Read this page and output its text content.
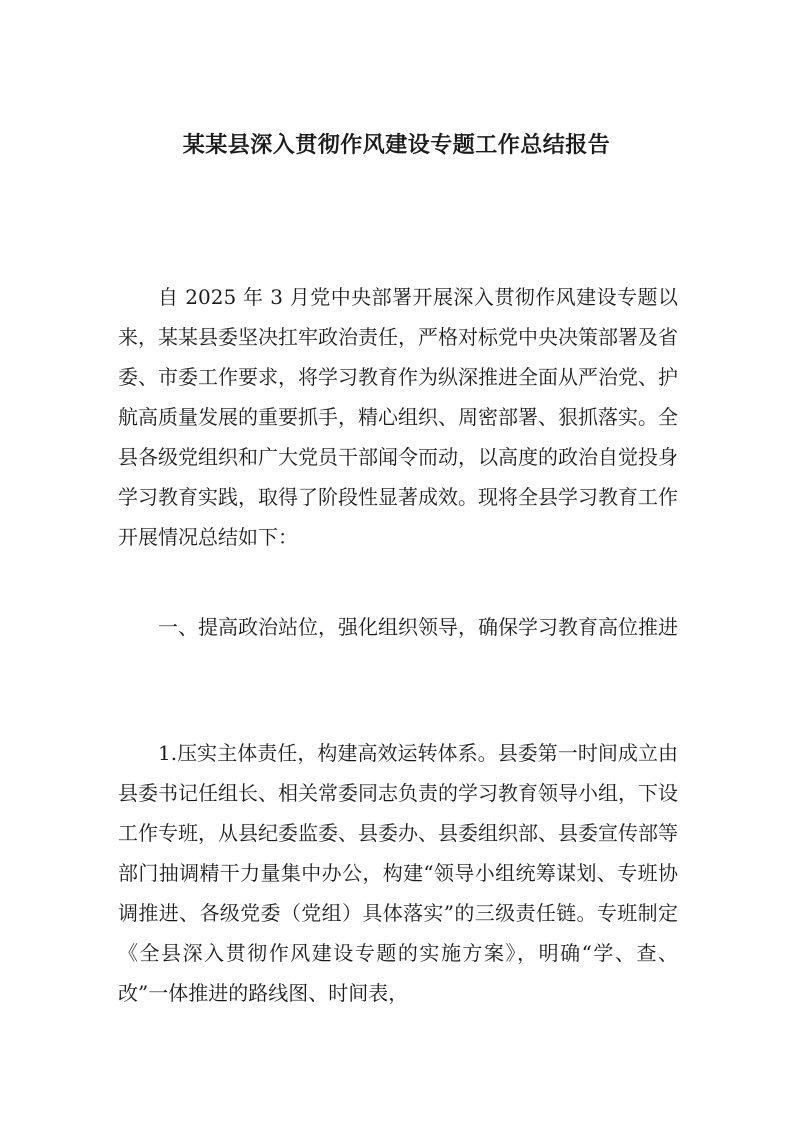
某某县深入贯彻作风建设专题工作总结报告

自 2025 年 3 月党中央部署开展深入贯彻作风建设专题以来，某某县委坚决扛牢政治责任，严格对标党中央决策部署及省委、市委工作要求，将学习教育作为纵深推进全面从严治党、护航高质量发展的重要抓手，精心组织、周密部署、狠抓落实。全县各级党组织和广大党员干部闻令而动，以高度的政治自觉投身学习教育实践，取得了阶段性显著成效。现将全县学习教育工作开展情况总结如下：

一、提高政治站位，强化组织领导，确保学习教育高位推进

1.压实主体责任，构建高效运转体系。县委第一时间成立由县委书记任组长、相关常委同志负责的学习教育领导小组，下设工作专班，从县纪委监委、县委办、县委组织部、县委宣传部等部门抽调精干力量集中办公，构建“领导小组统筹谋划、专班协调推进、各级党委（党组）具体落实”的三级责任链。专班制定《全县深入贯彻作风建设专题的实施方案》，明确“学、查、改”一体推进的路线图、时间表，
